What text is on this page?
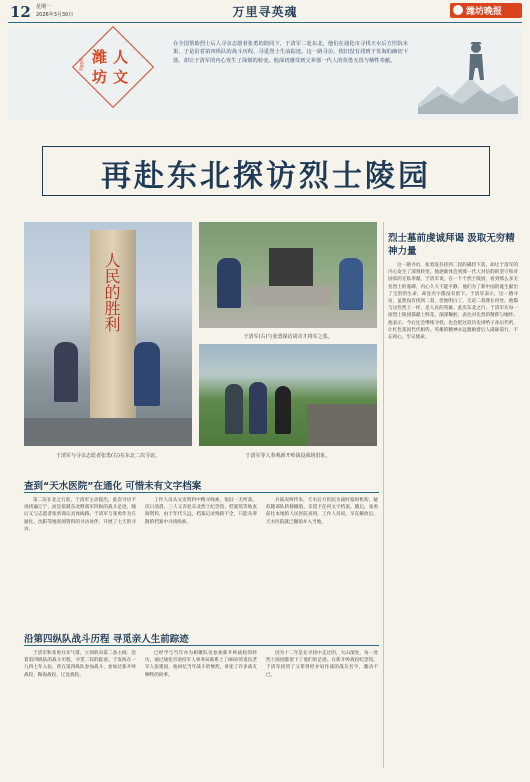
12 星期一
2026年3月30日	万里寻英魂	潍坊晚报
潍人
坊文
第88期
在全国帮助烈士后人寻亲志愿者张勇的陪同下，于清军二赴东北，他们在通化市寻找天水后方医院未果，于是沿着第四纵队的战斗历程，寻觅烈士生前踪迹。这一路寻访，依旧没有找到于发海的确切下落，却让于清军的内心发生了深刻的转变。他深切感受到父辈那一代人的英勇无畏与牺牲奉献。
再赴东北探访烈士陵园
人民的胜利
于清军与寻亲志愿者张勇(右)在东北二次寻访。
于清军(右)与张勇探访胡奇才将军之墓。
于清军等人参观新开岭战役战场旧址。
烈士墓前虔诚拜谒 汲取无穷精神力量

这一趟寻访，张勇没有找到二叔的确切下落，却让于清军的内心发生了深刻转变。他逐渐体会到那一代人对信仰的坚守和对国家的无私奉献。于清军说，在一个个烈士陵园，看到那么多无名烈士的墓碑，内心久久不能平静。他们为了新中国的诞生献出了宝贵的生命，却连名字都没有留下。于清军表示，这一趟寻访，虽然没有找到二叔，但他明白了，无论二叔葬在何处，他都与这些烈士一样，是人民的英雄。此次东北之行，于清军在每一座烈士陵园都献上鲜花，深深鞠躬，表达对先烈的敬仰与缅怀。他表示，今后还会继续寻找，也会把这段历史讲给子孙后代听，让红色基因代代相传。英雄的精神永远激励着后人砥砺前行，不忘初心，牢记使命。

查到“天水医院”在通化 可惜未有文字档案

第二次在北之行前，于清军主动提出，此次寻访不再找遍辽宁，而是依循东北野战军四纵的战斗足迹，随后又与志愿者张勇商议具体线路。于清军与张勇作为在通化、沈阳等地查阅资料的寻访伙伴，开展了七天的寻访。

工作人员从文史资料中搜寻线索，依旧一无所获。次日清晨，三人又奔赴东北烈士纪念馆、档案馆等地查阅资料，由于年代久远，档案记录残缺不全，只能从零散的档案中寻找线索。

兵战况两传来，天水后方医院为战时临时机构，疑似随部队转移撤销，未留下任何文字档案。随后，张勇前往本地的人民医院查询，工作人员说，早在解放后，天水医院就已撤销并入当地。

沿第四纵队战斗历程 寻觅亲人生前踪迹

于清军和张勇并未气馁，立刻转向第二条主线：沿着第四纵队的战斗历程，寻觅二叔的踪迹。于发海在一九四七年入伍，曾在第四纵队参加战斗，参加过新开岭战役、鞍海战役、辽沈战役。

已经学与当年亦为相聚队员参加新开岭战役的经历，通过通化市退役军人事务局联系上了88岁的退伍老军人张建国，他回忆当年战斗的惨烈，讲述了许多战友牺牲的故事。

因为十二年是在寻找中走过的，大山深处，每一处烈士陵园都留下了他们的足迹。在新开岭战役纪念馆，于清军找到了父辈曾经并肩作战的战友名字，激动不已。
